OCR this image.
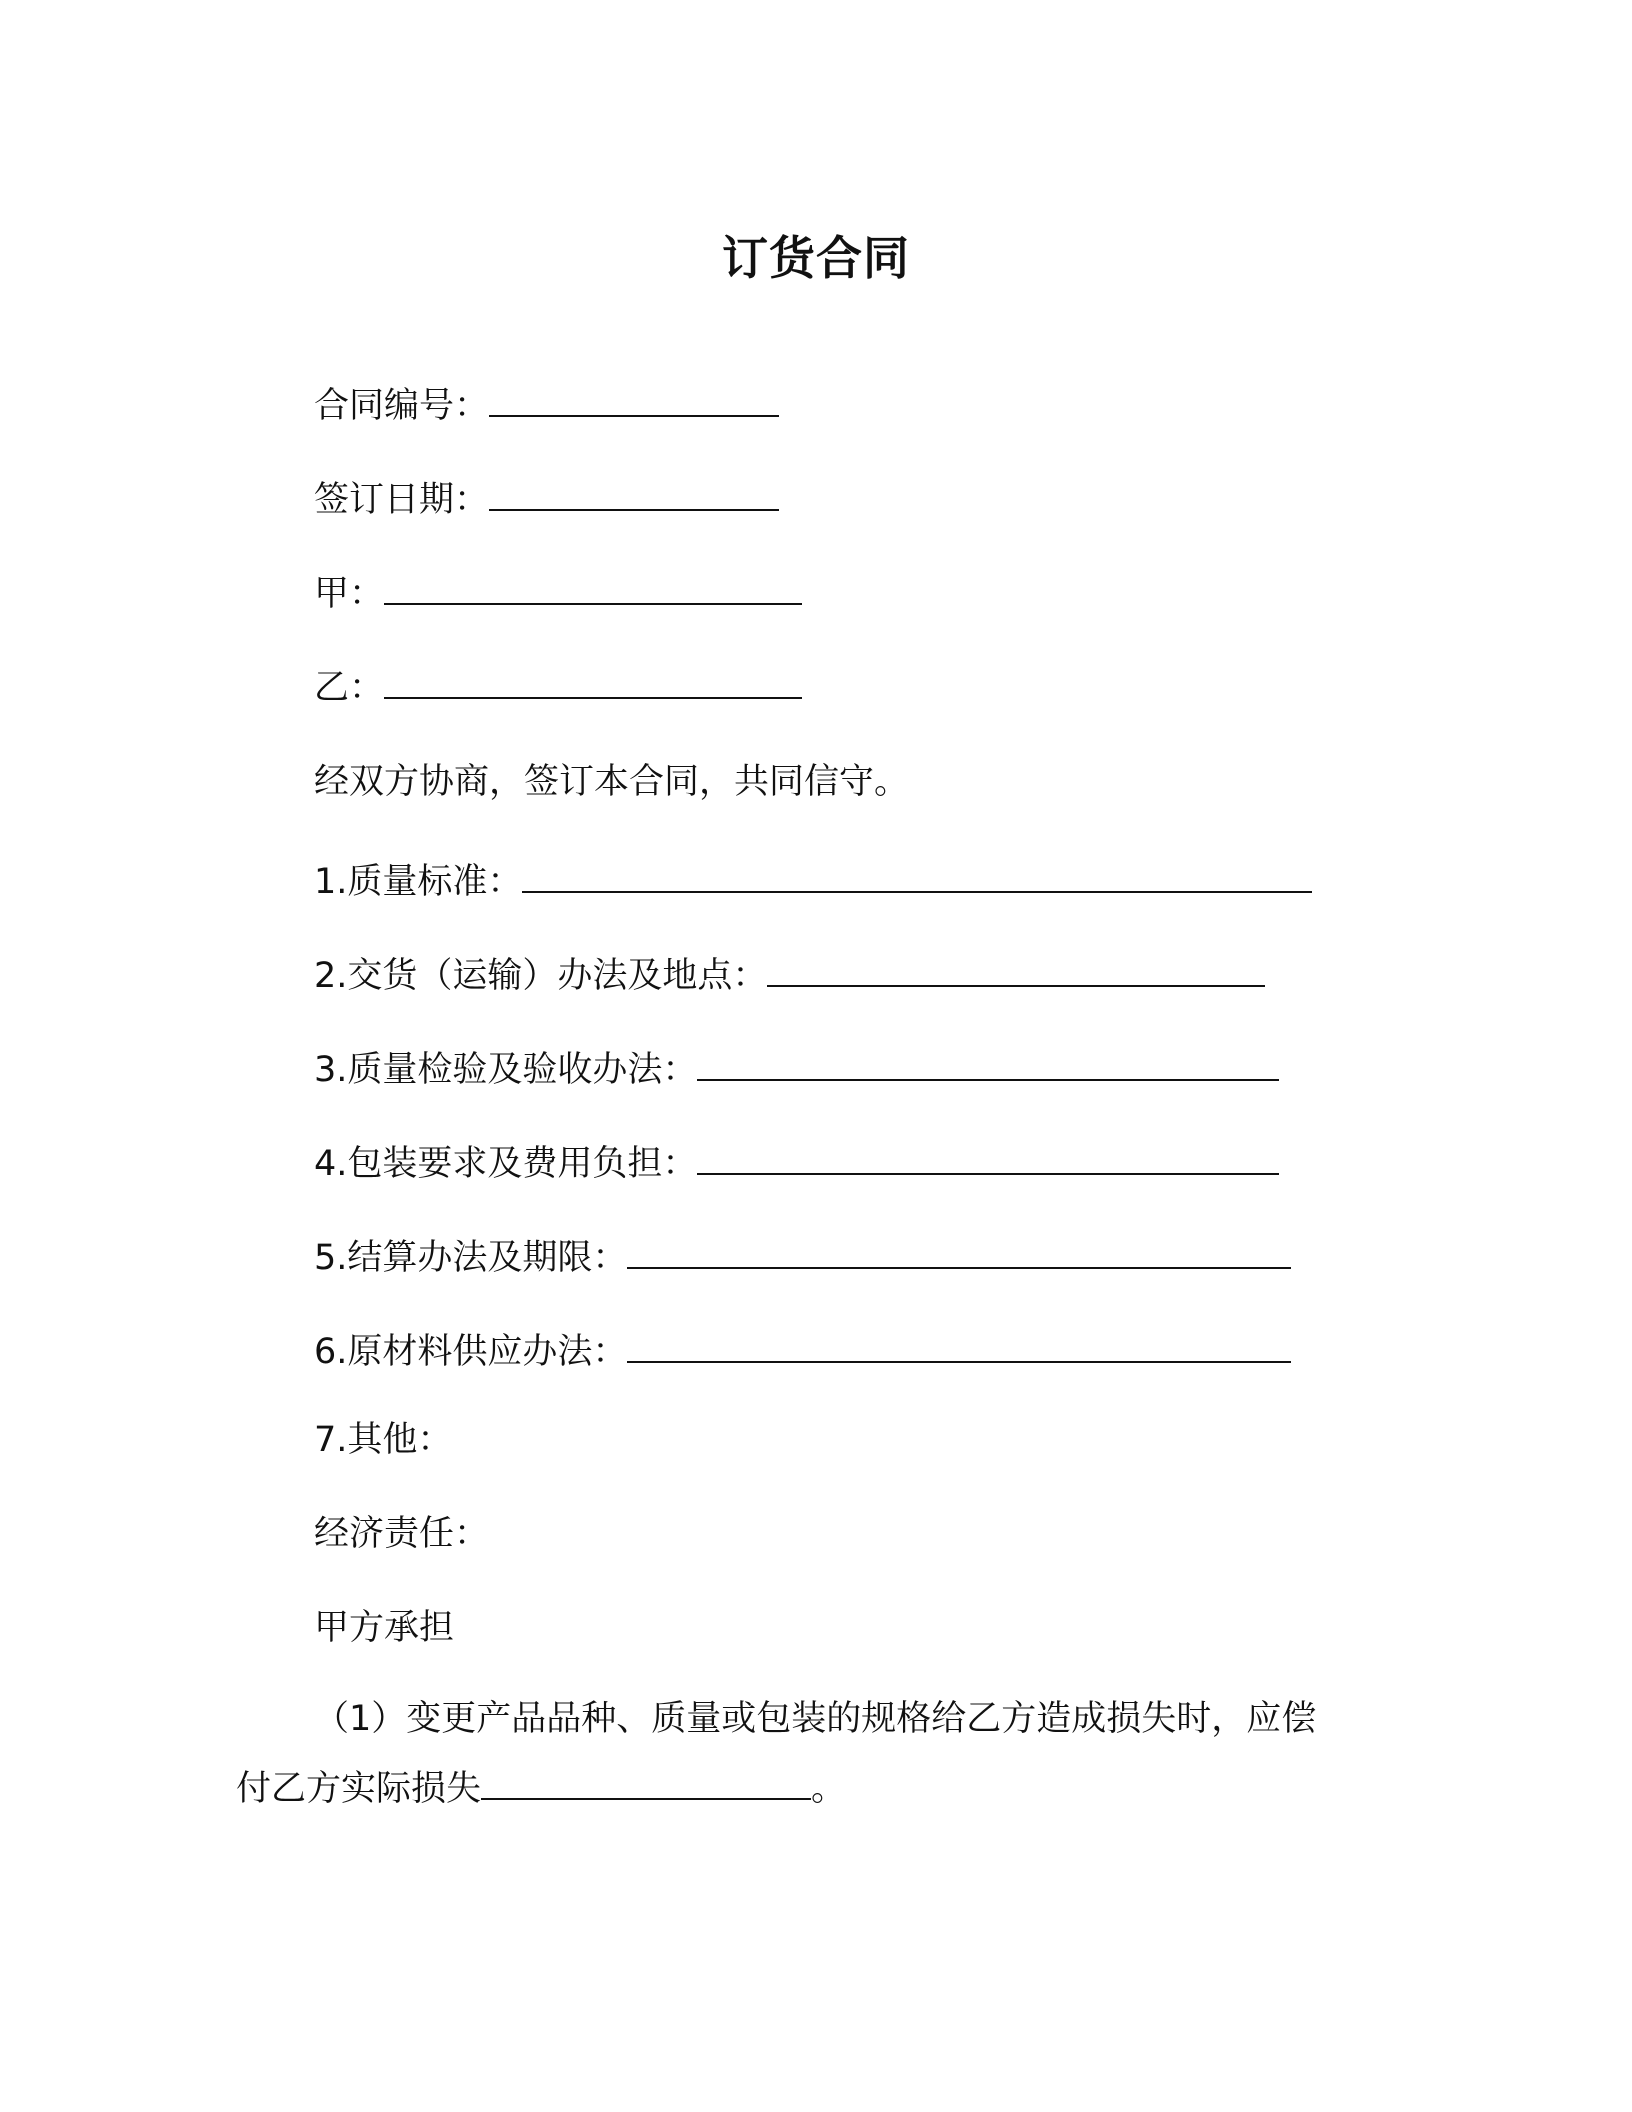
订货合同
合同编号：
签订日期：
甲：
乙：
经双方协商，签订本合同，共同信守。
1.质量标准：
2.交货（运输）办法及地点：
3.质量检验及验收办法：
4.包装要求及费用负担：
5.结算办法及期限：
6.原材料供应办法：
7.其他：
经济责任：
甲方承担
（1）变更产品品种、质量或包装的规格给乙方造成损失时，应偿
付乙方实际损失	。
